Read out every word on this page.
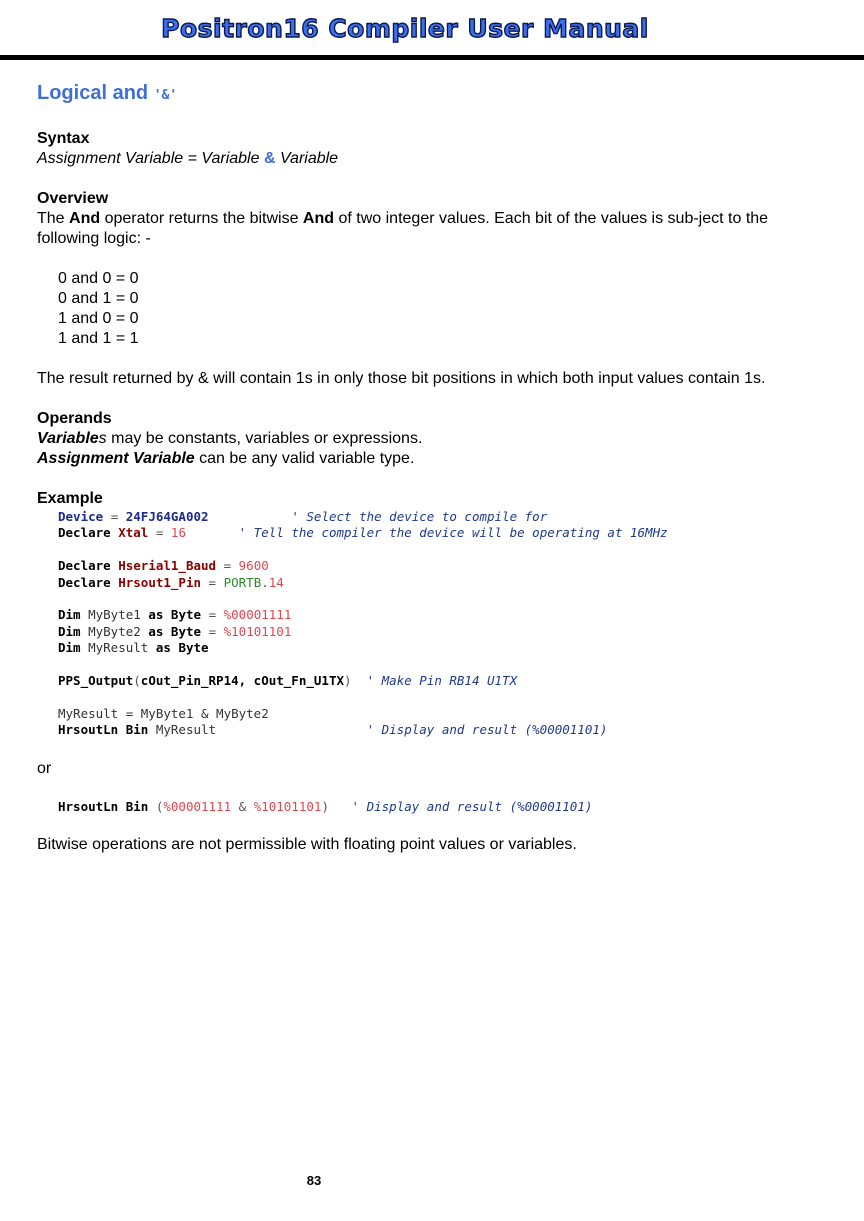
Positron16 Compiler User Manual
Logical and '&'
Syntax

Assignment Variable = Variable & Variable

Overview

The And operator returns the bitwise And of two integer values. Each bit of the values is sub-ject to the following logic: -

0 and 0 = 0
0 and 1 = 0
1 and 0 = 0
1 and 1 = 1

The result returned by & will contain 1s in only those bit positions in which both input values contain 1s.

Operands

Variables may be constants, variables or expressions.

Assignment Variable can be any valid variable type.

Example
Device = 24FJ64GA002	' Select the device to compile for
Declare Xtal = 16	' Tell the compiler the device will be operating at 16MHz
Declare Hserial1_Baud = 9600
Declare Hrsout1_Pin = PORTB.14
Dim MyByte1 as Byte = %00001111
Dim MyByte2 as Byte = %10101101
Dim MyResult as Byte
PPS_Output(cOut_Pin_RP14, cOut_Fn_U1TX) ' Make Pin RB14 U1TX
MyResult = MyByte1 & MyByte2
HrsoutLn Bin MyResult	' Display and result (%00001101)

or

HrsoutLn Bin (%00001111 & %10101101) ' Display and result (%00001101)

Bitwise operations are not permissible with floating point values or variables.

83
